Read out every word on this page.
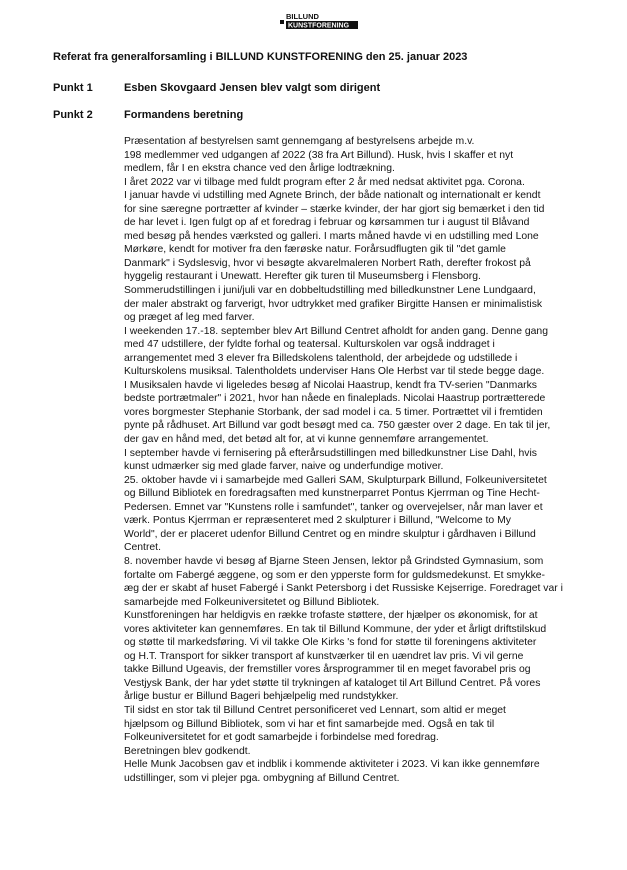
BILLUND
KUNSTFORENING
Referat fra generalforsamling i BILLUND KUNSTFORENING den 25. januar 2023
Punkt 1	Esben Skovgaard Jensen blev valgt som dirigent
Punkt 2	Formandens beretning
Præsentation af bestyrelsen samt gennemgang af bestyrelsens arbejde m.v.
198 medlemmer ved udgangen af 2022 (38 fra Art Billund). Husk, hvis I skaffer et nyt
medlem, får I en ekstra chance ved den årlige lodtrækning.
I året 2022 var vi tilbage med fuldt program efter 2 år med nedsat aktivitet pga. Corona.
I januar havde vi udstilling med Agnete Brinch, der både nationalt og internationalt er kendt
for sine særegne portrætter af kvinder – stærke kvinder, der har gjort sig bemærket i den tid
de har levet i. Igen fulgt op af et foredrag i februar og kørsammen tur i august til Blåvand
med besøg på hendes værksted og galleri. I marts måned havde vi en udstilling med Lone
Mørkøre, kendt for motiver fra den færøske natur. Forårsudflugten gik til "det gamle
Danmark" i Sydslesvig, hvor vi besøgte akvarelmaleren Norbert Rath, derefter frokost på
hyggelig restaurant i Unewatt. Herefter gik turen til Museumsberg i Flensborg.
Sommerudstillingen i juni/juli var en dobbeltudstilling med billedkunstner Lene Lundgaard,
der maler abstrakt og farverigt, hvor udtrykket med grafiker Birgitte Hansen er minimalistisk
og præget af leg med farver.
I weekenden 17.-18. september blev Art Billund Centret afholdt for anden gang. Denne gang
med 47 udstillere, der fyldte forhal og teatersal. Kulturskolen var også inddraget i
arrangementet med 3 elever fra Billedskolens talenthold, der arbejdede og udstillede i
Kulturskolens musiksal. Talentholdets underviser Hans Ole Herbst var til stede begge dage.
I Musiksalen havde vi ligeledes besøg af Nicolai Haastrup, kendt fra TV-serien "Danmarks
bedste portrætmaler" i 2021, hvor han nåede en finaleplads. Nicolai Haastrup portrætterede
vores borgmester Stephanie Storbank, der sad model i ca. 5 timer. Portrættet vil i fremtiden
pynte på rådhuset. Art Billund var godt besøgt med ca. 750 gæster over 2 dage. En tak til jer,
der gav en hånd med, det betød alt for, at vi kunne gennemføre arrangementet.
I september havde vi fernisering på efterårsudstillingen med billedkunstner Lise Dahl, hvis
kunst udmærker sig med glade farver, naive og underfundige motiver.
25. oktober havde vi i samarbejde med Galleri SAM, Skulpturpark Billund, Folkeuniversitetet
og Billund Bibliotek en foredragsaften med kunstnerparret Pontus Kjerrman og Tine Hecht-
Pedersen. Emnet var "Kunstens rolle i samfundet", tanker og overvejelser, når man laver et
værk. Pontus Kjerrman er repræsenteret med 2 skulpturer i Billund, "Welcome to My
World", der er placeret udenfor Billund Centret og en mindre skulptur i gårdhaven i Billund
Centret.
8. november havde vi besøg af Bjarne Steen Jensen, lektor på Grindsted Gymnasium, som
fortalte om Fabergé æggene, og som er den ypperste form for guldsmedekunst. Et smykke-
æg der er skabt af huset Fabergé i Sankt Petersborg i det Russiske Kejserrige. Foredraget var i
samarbejde med Folkeuniversitetet og Billund Bibliotek.
Kunstforeningen har heldigvis en række trofaste støttere, der hjælper os økonomisk, for at
vores aktiviteter kan gennemføres. En tak til Billund Kommune, der yder et årligt driftstilskud
og støtte til markedsføring. Vi vil takke Ole Kirks 's fond for støtte til foreningens aktiviteter
og H.T. Transport for sikker transport af kunstværker til en uændret lav pris. Vi vil gerne
takke Billund Ugeavis, der fremstiller vores årsprogrammer til en meget favorabel pris og
Vestjysk Bank, der har ydet støtte til trykningen af kataloget til Art Billund Centret. På vores
årlige bustur er Billund Bageri behjælpelig med rundstykker.
Til sidst en stor tak til Billund Centret personificeret ved Lennart, som altid er meget
hjælpsom og Billund Bibliotek, som vi har et fint samarbejde med. Også en tak til
Folkeuniversitetet for et godt samarbejde i forbindelse med foredrag.
Beretningen blev godkendt.
Helle Munk Jacobsen gav et indblik i kommende aktiviteter i 2023. Vi kan ikke gennemføre
udstillinger, som vi plejer pga. ombygning af Billund Centret.
